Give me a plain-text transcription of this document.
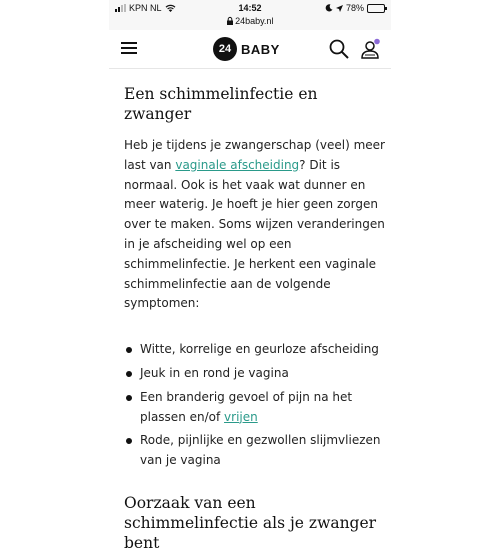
KPN NL	14:52
24baby.nl
78%
24 BABY
Een schimmelinfectie en zwanger

Heb je tijdens je zwangerschap (veel) meer last van vaginale afscheiding? Dit is normaal. Ook is het vaak wat dunner en meer waterig. Je hoeft je hier geen zorgen over te maken. Soms wijzen veranderingen in je afscheiding wel op een schimmelinfectie. Je herkent een vaginale schimmelinfectie aan de volgende symptomen:

Witte, korrelige en geurloze afscheiding
Jeuk in en rond je vagina
Een branderig gevoel of pijn na het plassen en/of vrijen
Rode, pijnlijke en gezwollen slijmvliezen van je vagina
Oorzaak van een schimmelinfectie als je zwanger bent
